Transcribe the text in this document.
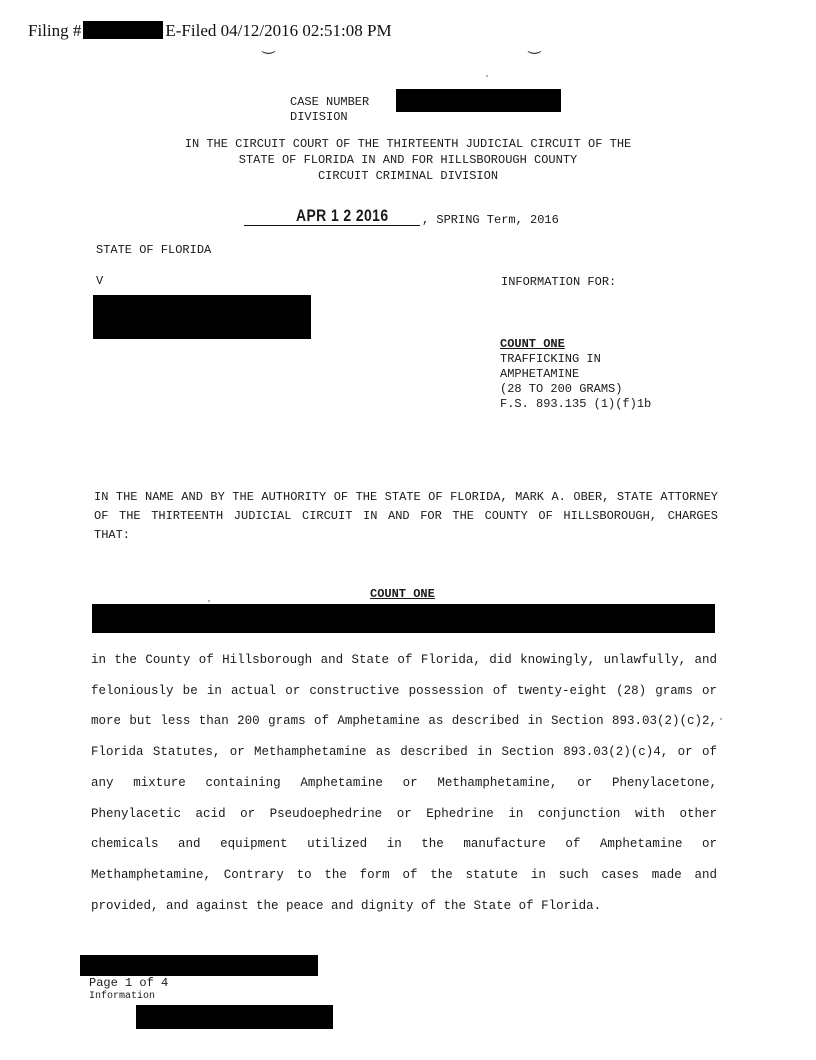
Filing #	E-Filed 04/12/2016 02:51:08 PM
⏝	⏝
CASE NUMBER
DIVISION
IN THE CIRCUIT COURT OF THE THIRTEENTH JUDICIAL CIRCUIT OF THE
STATE OF FLORIDA IN AND FOR HILLSBOROUGH COUNTY
CIRCUIT CRIMINAL DIVISION
APR 1 2 2016	, SPRING Term, 2016
STATE OF FLORIDA
V	INFORMATION FOR:
COUNT ONE
TRAFFICKING IN
AMPHETAMINE
(28 TO 200 GRAMS)
F.S. 893.135 (1)(f)1b
IN THE NAME AND BY THE AUTHORITY OF THE STATE OF FLORIDA, MARK A. OBER, STATE ATTORNEY OF THE THIRTEENTH JUDICIAL CIRCUIT IN AND FOR THE COUNTY OF HILLSBOROUGH, CHARGES THAT:
COUNT ONE

in the County of Hillsborough and State of Florida, did knowingly, unlawfully, and feloniously be in actual or constructive possession of twenty-eight (28) grams or more but less than 200 grams of Amphetamine as described in Section 893.03(2)(c)2, Florida Statutes, or Methamphetamine as described in Section 893.03(2)(c)4, or of any mixture containing Amphetamine or Methamphetamine, or Phenylacetone, Phenylacetic acid or Pseudoephedrine or Ephedrine in conjunction with other chemicals and equipment utilized in the manufacture of Amphetamine or Methamphetamine, Contrary to the form of the statute in such cases made and provided, and against the peace and dignity of the State of Florida.

Page 1 of 4
Information
